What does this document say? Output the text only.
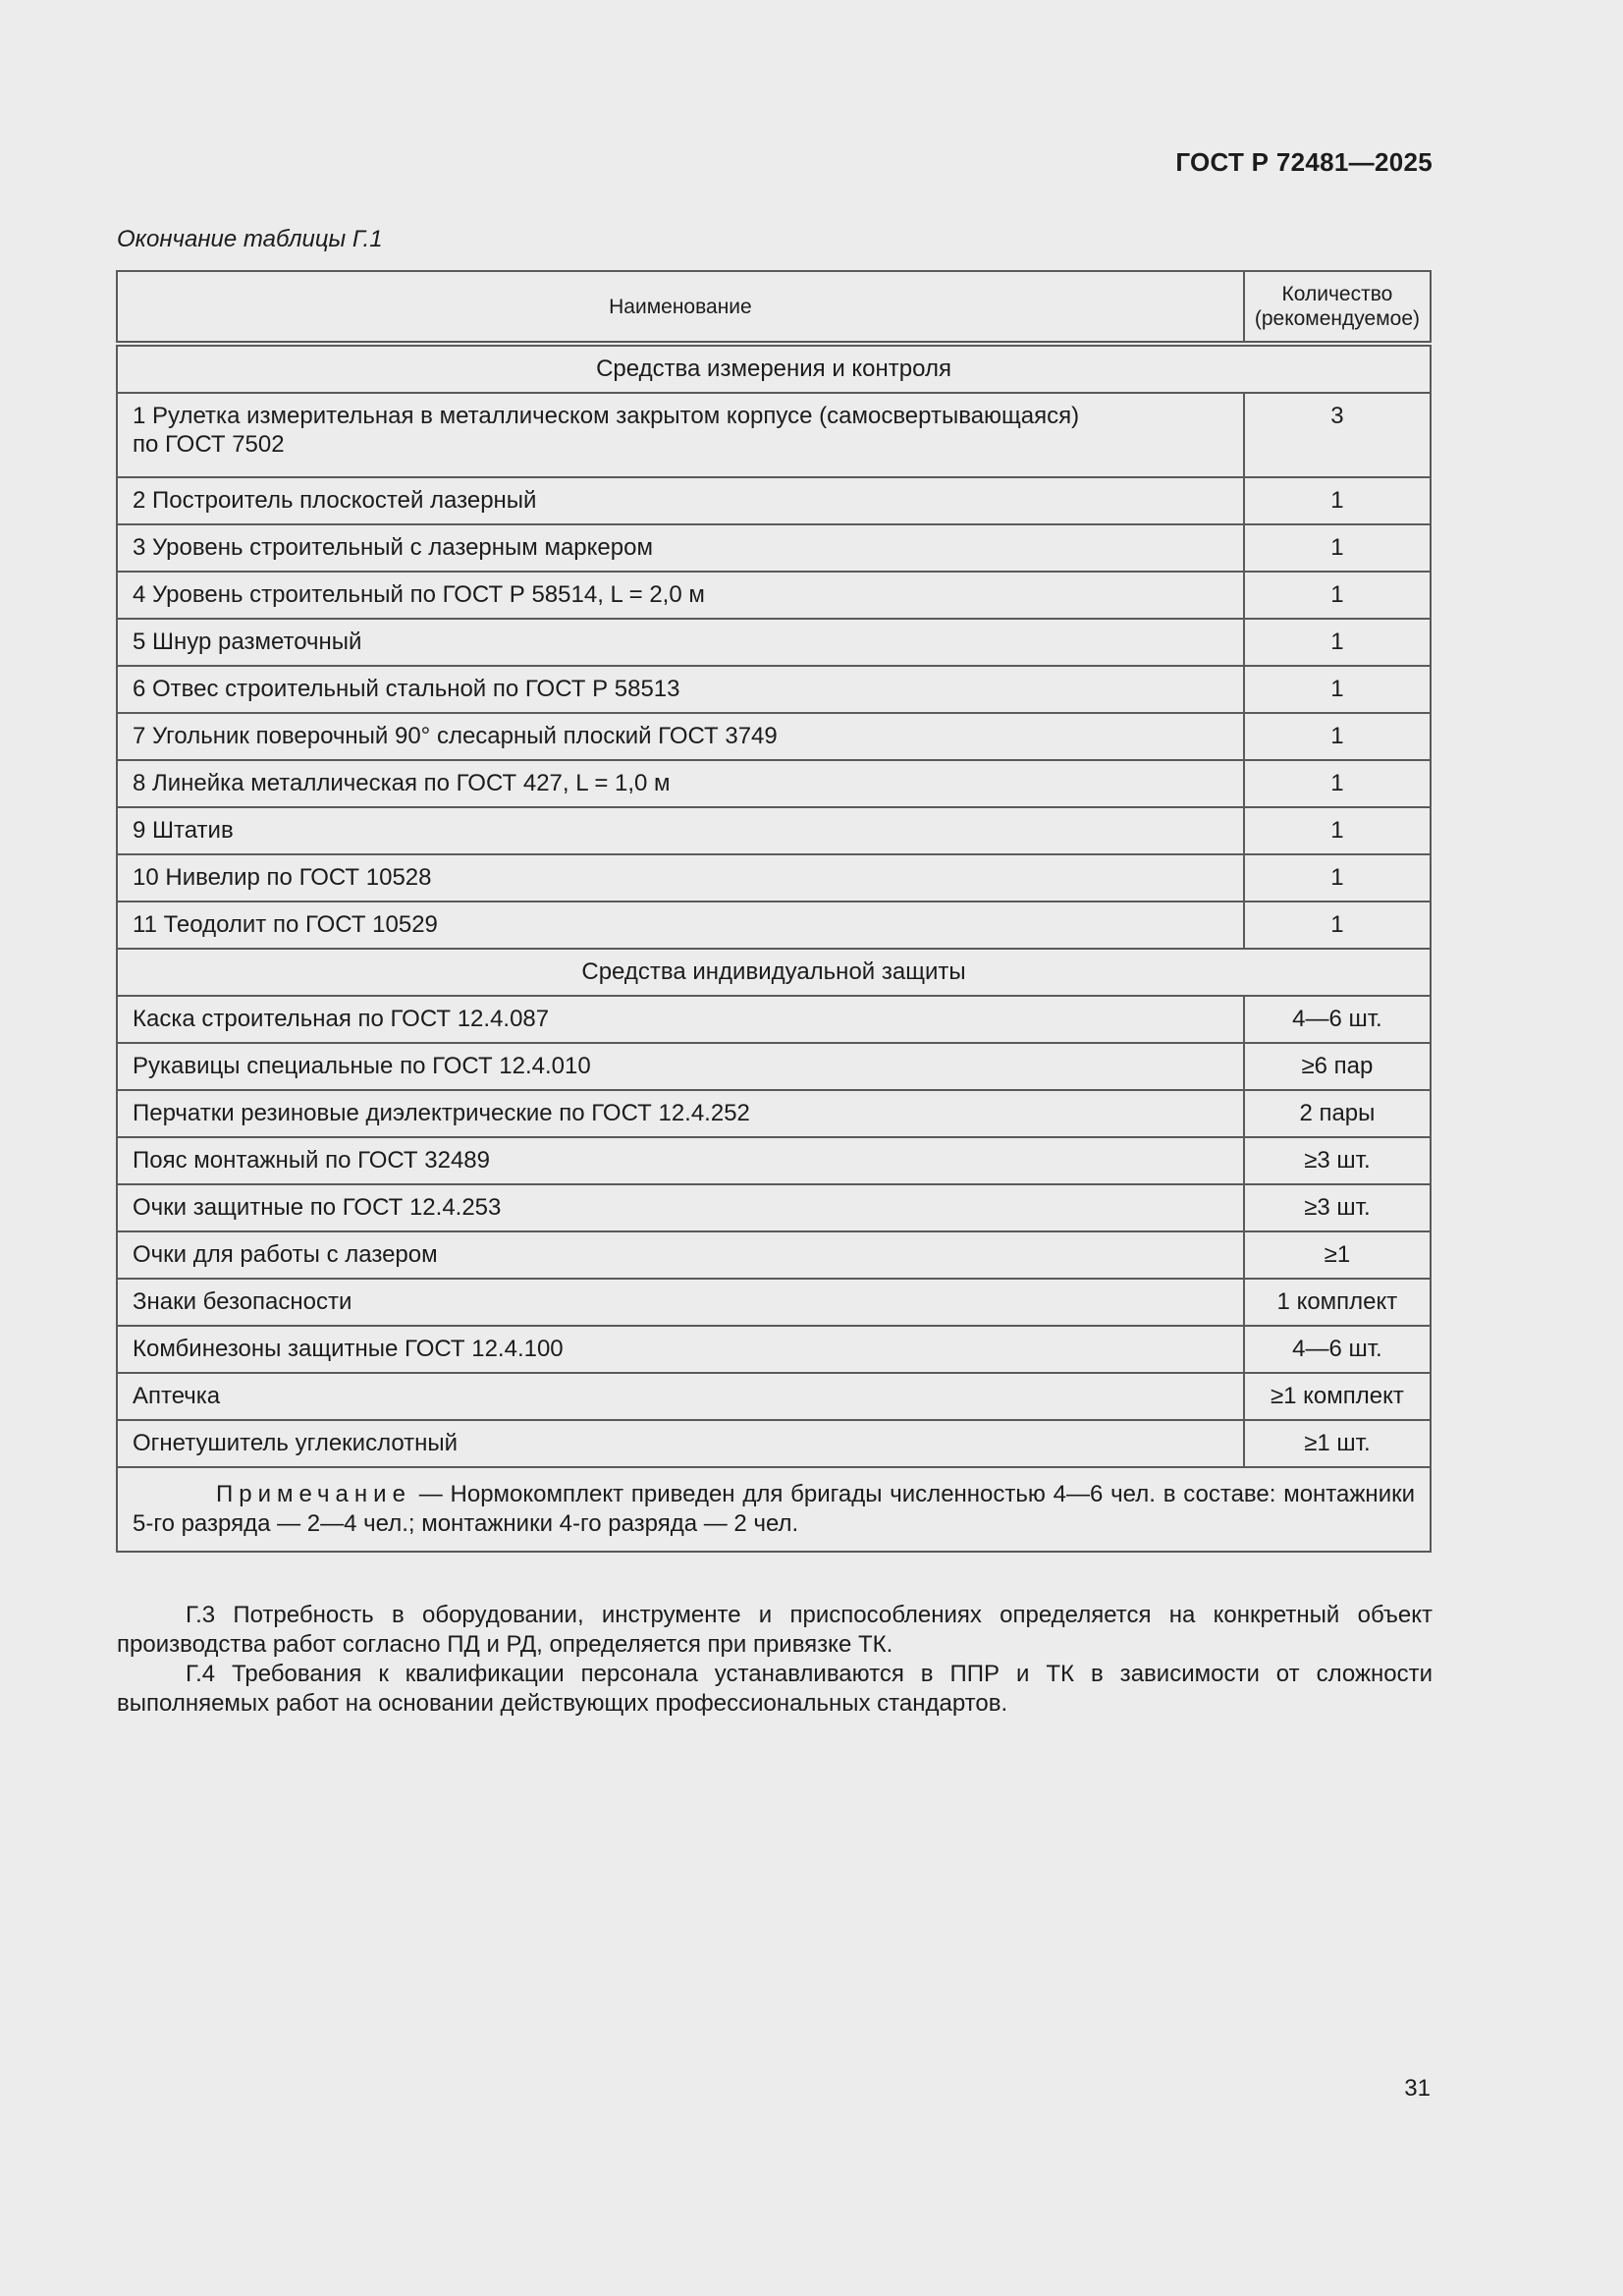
ГОСТ Р 72481—2025
Окончание таблицы Г.1
Наименование	Количество
(рекомендуемое)
Средства измерения и контроля	
1 Рулетка измерительная в металлическом закрытом корпусе (самосвертывающаяся)
по ГОСТ 7502	3
2 Построитель плоскостей лазерный	1
3 Уровень строительный с лазерным маркером	1
4 Уровень строительный по ГОСТ Р 58514, L = 2,0 м	1
5 Шнур разметочный	1
6 Отвес строительный стальной по ГОСТ Р 58513	1
7 Угольник поверочный 90° слесарный плоский ГОСТ 3749	1
8 Линейка металлическая по ГОСТ 427, L = 1,0 м	1
9 Штатив	1
10 Нивелир по ГОСТ 10528	1
11 Теодолит по ГОСТ 10529	1
Средства индивидуальной защиты	
Каска строительная по ГОСТ 12.4.087	4—6 шт.
Рукавицы специальные по ГОСТ 12.4.010	≥6 пар
Перчатки резиновые диэлектрические по ГОСТ 12.4.252	2 пары
Пояс монтажный по ГОСТ 32489	≥3 шт.
Очки защитные по ГОСТ 12.4.253	≥3 шт.
Очки для работы с лазером	≥1
Знаки безопасности	1 комплект
Комбинезоны защитные ГОСТ 12.4.100	4—6 шт.
Аптечка	≥1 комплект
Огнетушитель углекислотный	≥1 шт.
Примечание — Нормокомплект приведен для бригады численностью 4—6 чел. в составе: монтажники 5-го разряда — 2—4 чел.; монтажники 4-го разряда — 2 чел.	

Г.3 Потребность в оборудовании, инструменте и приспособлениях определяется на конкретный объект производства работ согласно ПД и РД, определяется при привязке ТК.

Г.4 Требования к квалификации персонала устанавливаются в ППР и ТК в зависимости от сложности выполняемых работ на основании действующих профессиональных стандартов.

31
